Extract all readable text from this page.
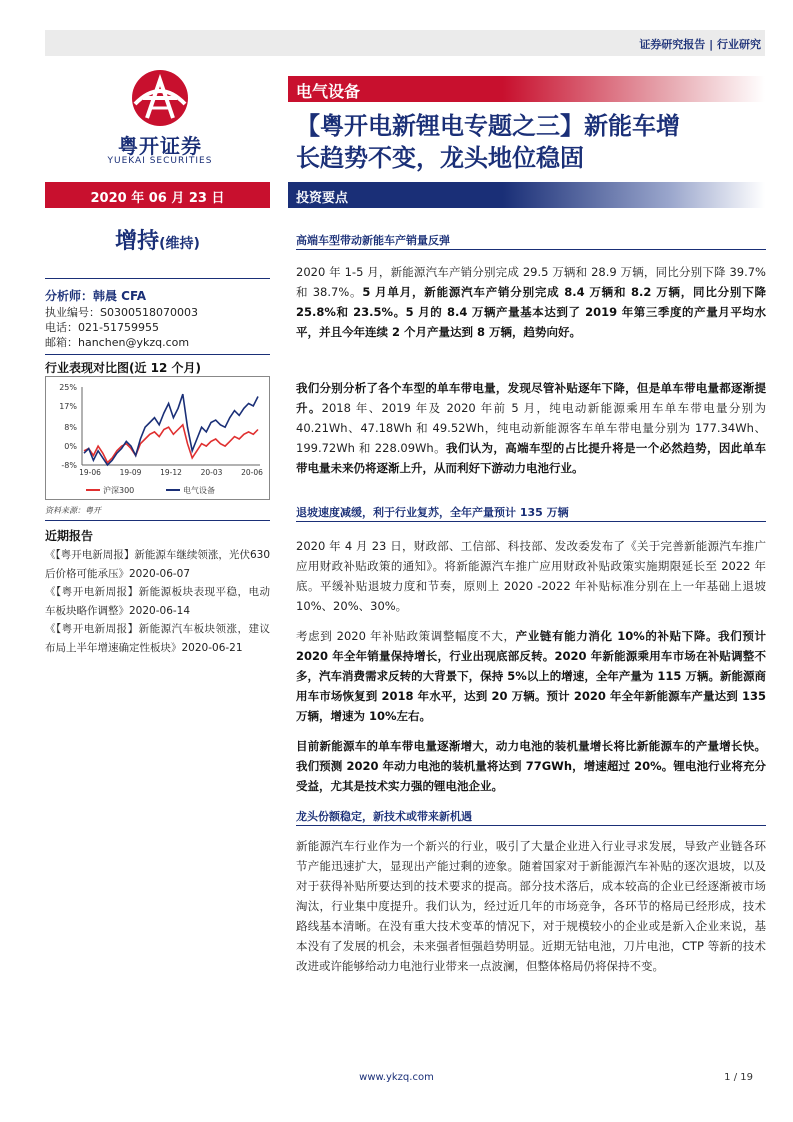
证券研究报告 | 行业研究
粤开证券
YUEKAI SECURITIES
电气设备
【粤开电新锂电专题之三】新能车增
长趋势不变，龙头地位稳固
2020 年 06 月 23 日	投资要点
增持(维持)
分析师：韩晨 CFA
执业编号：S0300518070003
电话：021-51759955
邮箱：hanchen@ykzq.com
行业表现对比图(近 12 个月)
25%
17%
8%
0%
-8%
19-06 19-09 19-12 20-03 20-06
沪深300	电气设备
资料来源：粤开
近期报告

《【粤开电新周报】新能源车继续领涨，光伏630后价格可能承压》2020-06-07

《【粤开电新周报】新能源板块表现平稳，电动车板块略作调整》2020-06-14

《【粤开电新周报】新能源汽车板块领涨，建议布局上半年增速确定性板块》2020-06-21

高端车型带动新能车产销量反弹
2020 年 1-5 月，新能源汽车产销分别完成 29.5 万辆和 28.9 万辆，同比分别下降 39.7%和 38.7%。5 月单月，新能源汽车产销分别完成 8.4 万辆和 8.2 万辆，同比分别下降 25.8%和 23.5%。5 月的 8.4 万辆产量基本达到了 2019 年第三季度的产量月平均水平，并且今年连续 2 个月产量达到 8 万辆，趋势向好。
我们分别分析了各个车型的单车带电量，发现尽管补贴逐年下降，但是单车带电量都逐渐提升。2018 年、2019 年及 2020 年前 5 月，纯电动新能源乘用车单车带电量分别为 40.21Wh、47.18Wh 和 49.52Wh，纯电动新能源客车单车带电量分别为 177.34Wh、199.72Wh 和 228.09Wh。我们认为，高端车型的占比提升将是一个必然趋势，因此单车带电量未来仍将逐渐上升，从而利好下游动力电池行业。
退坡速度减缓，利于行业复苏，全年产量预计 135 万辆
2020 年 4 月 23 日，财政部、工信部、科技部、发改委发布了《关于完善新能源汽车推广应用财政补贴政策的通知》。将新能源汽车推广应用财政补贴政策实施期限延长至 2022 年底。平缓补贴退坡力度和节奏，原则上 2020 -2022 年补贴标准分别在上一年基础上退坡 10%、20%、30%。
考虑到 2020 年补贴政策调整幅度不大，产业链有能力消化 10%的补贴下降。我们预计 2020 年全年销量保持增长，行业出现底部反转。2020 年新能源乘用车市场在补贴调整不多，汽车消费需求反转的大背景下，保持 5%以上的增速，全年产量为 115 万辆。新能源商用车市场恢复到 2018 年水平，达到 20 万辆。预计 2020 年全年新能源车产量达到 135 万辆，增速为 10%左右。
目前新能源车的单车带电量逐渐增大，动力电池的装机量增长将比新能源车的产量增长快。我们预测 2020 年动力电池的装机量将达到 77GWh，增速超过 20%。锂电池行业将充分受益，尤其是技术实力强的锂电池企业。
龙头份额稳定，新技术或带来新机遇
新能源汽车行业作为一个新兴的行业，吸引了大量企业进入行业寻求发展，导致产业链各环节产能迅速扩大，显现出产能过剩的迹象。随着国家对于新能源汽车补贴的逐次退坡，以及对于获得补贴所要达到的技术要求的提高。部分技术落后，成本较高的企业已经逐渐被市场淘汰，行业集中度提升。我们认为，经过近几年的市场竞争，各环节的格局已经形成，技术路线基本清晰。在没有重大技术变革的情况下，对于规模较小的企业或是新入企业来说，基本没有了发展的机会，未来强者恒强趋势明显。近期无钴电池，刀片电池，CTP 等新的技术改进或许能够给动力电池行业带来一点波澜，但整体格局仍将保持不变。
www.ykzq.com	1 / 19
